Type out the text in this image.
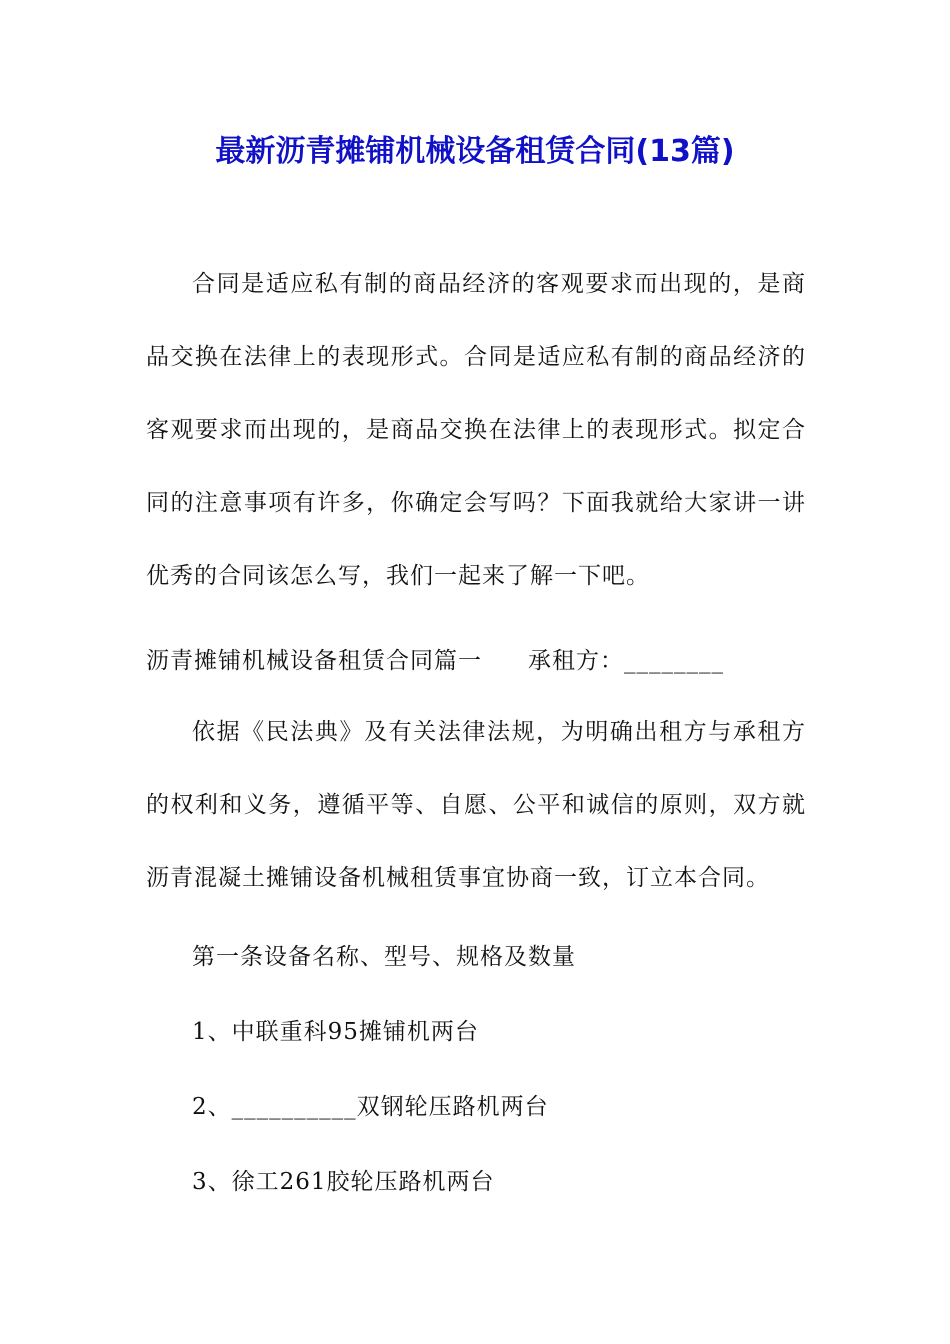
最新沥青摊铺机械设备租赁合同(13篇)

合同是适应私有制的商品经济的客观要求而出现的，是商品交换在法律上的表现形式。合同是适应私有制的商品经济的客观要求而出现的，是商品交换在法律上的表现形式。拟定合同的注意事项有许多，你确定会写吗？下面我就给大家讲一讲优秀的合同该怎么写，我们一起来了解一下吧。

沥青摊铺机械设备租赁合同篇一 承租方：________

依据《民法典》及有关法律法规，为明确出租方与承租方的权利和义务，遵循平等、自愿、公平和诚信的原则，双方就沥青混凝土摊铺设备机械租赁事宜协商一致，订立本合同。

第一条设备名称、型号、规格及数量

1、中联重科95摊铺机两台

2、__________双钢轮压路机两台

3、徐工261胶轮压路机两台
